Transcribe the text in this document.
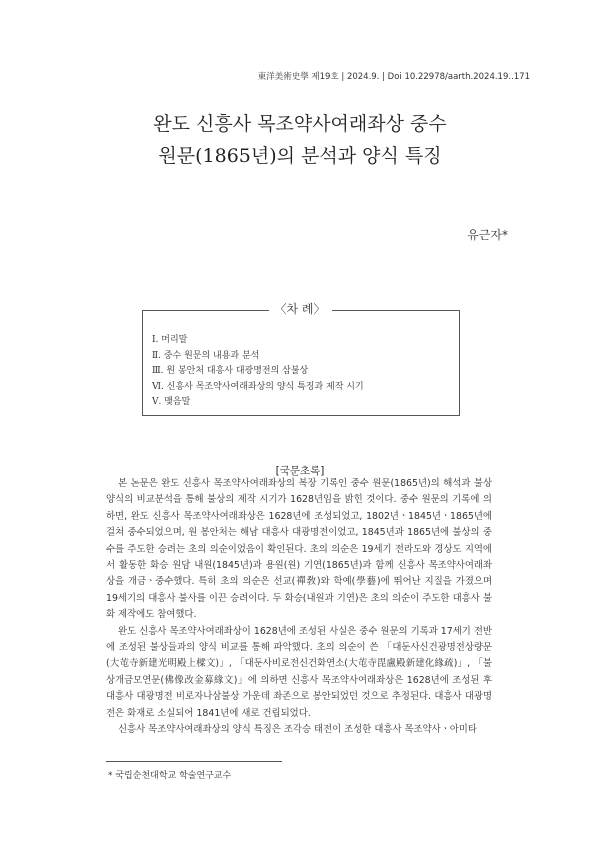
東洋美術史學 제19호 | 2024.9. | Doi 10.22978/aarth.2024.19..171
완도 신흥사 목조약사여래좌상 중수
원문(1865년)의 분석과 양식 특징
유근자*
〈차 례〉
Ⅰ. 머리말
Ⅱ. 중수 원문의 내용과 분석
Ⅲ. 원 봉안처 대흥사 대광명전의 삼불상
Ⅵ. 신흥사 목조약사여래좌상의 양식 특징과 제작 시기
Ⅴ. 맺음말
[국문초록]

본 논문은 완도 신흥사 목조약사여래좌상의 복장 기록인 중수 원문(1865년)의 해석과 불상 양식의 비교분석을 통해 불상의 제작 시기가 1628년임을 밝힌 것이다. 중수 원문의 기록에 의하면, 완도 신흥사 목조약사여래좌상은 1628년에 조성되었고, 1802년ㆍ1845년ㆍ1865년에 걸쳐 중수되었으며, 원 봉안처는 해남 대흥사 대광명전이었고, 1845년과 1865년에 불상의 중수를 주도한 승려는 초의 의순이었음이 확인된다. 초의 의순은 19세기 전라도와 경상도 지역에서 활동한 화승 원담 내원(1845년)과 용원(원) 기연(1865년)과 함께 신흥사 목조약사여래좌상을 개금ㆍ중수했다. 특히 초의 의순은 선교(禪敎)와 학예(學藝)에 뛰어난 지질을 가졌으며 19세기의 대흥사 불사를 이끈 승려이다. 두 화승(내원과 기연)은 초의 의순이 주도한 대흥사 불화 제작에도 참여했다.

완도 신흥사 목조약사여래좌상이 1628년에 조성된 사실은 중수 원문의 기록과 17세기 전반에 조성된 불상들과의 양식 비교를 통해 파악했다. 초의 의순이 쓴 「대둔사신건광명전상량문(大芚寺新建光明殿上樑文)」, 「대둔사비로전신건화연소(大芚寺毘盧殿新建化緣疏)」, 「불상개금모연문(佛像改金募緣文)」에 의하면 신흥사 목조약사여래좌상은 1628년에 조성된 후 대흥사 대광명전 비로자나삼불상 가운데 좌존으로 봉안되었던 것으로 추정된다. 대흥사 대광명전은 화재로 소실되어 1841년에 새로 건립되었다.

신흥사 목조약사여래좌상의 양식 특징은 조각승 태전이 조성한 대흥사 목조약사ㆍ아미타

* 국립순천대학교 학술연구교수
